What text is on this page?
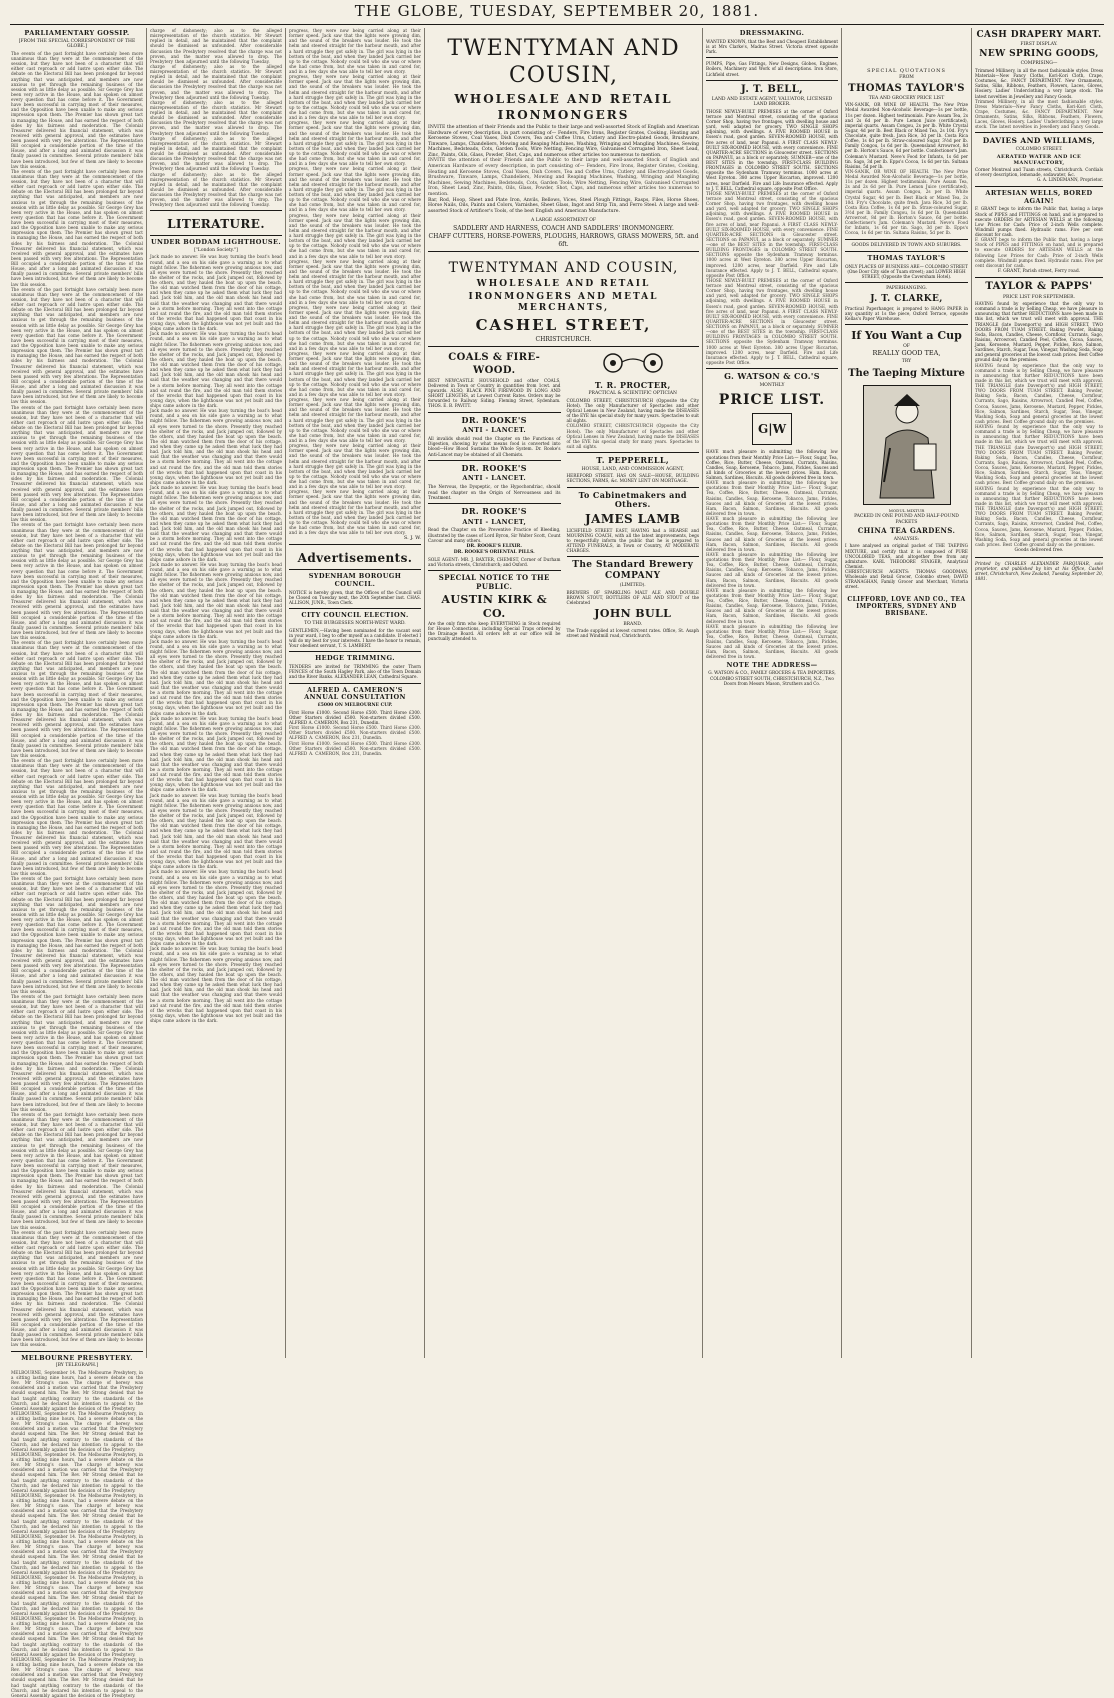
THE GLOBE, TUESDAY, SEPTEMBER 20, 1881.
PARLIAMENTARY GOSSIP.
[FROM THE SPECIAL CORRESPONDENT OF THE GLOBE.]

The events of the past fortnight have certainly been more unanimous than they were at the commencement of the session, but they have not been of a character that will either cast reproach or add lustre upon either side. The debate on the Electoral Bill has been prolonged far beyond anything that was anticipated, and members are now anxious to get through the remaining business of the session with as little delay as possible. Sir George Grey has been very active in the House, and has spoken on almost every question that has come before it. The Government have been successful in carrying most of their measures, and the Opposition have been unable to make any serious impression upon them. The Premier has shown great tact in managing the House, and has earned the respect of both sides by his fairness and moderation. The Colonial Treasurer delivered his financial statement, which was received with general approval, and the estimates have been passed with very few alterations. The Representation Bill occupied a considerable portion of the time of the House, and after a long and animated discussion it was finally passed in committee. Several private members' bills have been introduced, but few of them are likely to become law this session.

The events of the past fortnight have certainly been more unanimous than they were at the commencement of the session, but they have not been of a character that will either cast reproach or add lustre upon either side. The debate on the Electoral Bill has been prolonged far beyond anything that was anticipated, and members are now anxious to get through the remaining business of the session with as little delay as possible. Sir George Grey has been very active in the House, and has spoken on almost every question that has come before it. The Government have been successful in carrying most of their measures, and the Opposition have been unable to make any serious impression upon them. The Premier has shown great tact in managing the House, and has earned the respect of both sides by his fairness and moderation. The Colonial Treasurer delivered his financial statement, which was received with general approval, and the estimates have been passed with very few alterations. The Representation Bill occupied a considerable portion of the time of the House, and after a long and animated discussion it was finally passed in committee. Several private members' bills have been introduced, but few of them are likely to become law this session.

The events of the past fortnight have certainly been more unanimous than they were at the commencement of the session, but they have not been of a character that will either cast reproach or add lustre upon either side. The debate on the Electoral Bill has been prolonged far beyond anything that was anticipated, and members are now anxious to get through the remaining business of the session with as little delay as possible. Sir George Grey has been very active in the House, and has spoken on almost every question that has come before it. The Government have been successful in carrying most of their measures, and the Opposition have been unable to make any serious impression upon them. The Premier has shown great tact in managing the House, and has earned the respect of both sides by his fairness and moderation. The Colonial Treasurer delivered his financial statement, which was received with general approval, and the estimates have been passed with very few alterations. The Representation Bill occupied a considerable portion of the time of the House, and after a long and animated discussion it was finally passed in committee. Several private members' bills have been introduced, but few of them are likely to become law this session.

The events of the past fortnight have certainly been more unanimous than they were at the commencement of the session, but they have not been of a character that will either cast reproach or add lustre upon either side. The debate on the Electoral Bill has been prolonged far beyond anything that was anticipated, and members are now anxious to get through the remaining business of the session with as little delay as possible. Sir George Grey has been very active in the House, and has spoken on almost every question that has come before it. The Government have been successful in carrying most of their measures, and the Opposition have been unable to make any serious impression upon them. The Premier has shown great tact in managing the House, and has earned the respect of both sides by his fairness and moderation. The Colonial Treasurer delivered his financial statement, which was received with general approval, and the estimates have been passed with very few alterations. The Representation Bill occupied a considerable portion of the time of the House, and after a long and animated discussion it was finally passed in committee. Several private members' bills have been introduced, but few of them are likely to become law this session.

The events of the past fortnight have certainly been more unanimous than they were at the commencement of the session, but they have not been of a character that will either cast reproach or add lustre upon either side. The debate on the Electoral Bill has been prolonged far beyond anything that was anticipated, and members are now anxious to get through the remaining business of the session with as little delay as possible. Sir George Grey has been very active in the House, and has spoken on almost every question that has come before it. The Government have been successful in carrying most of their measures, and the Opposition have been unable to make any serious impression upon them. The Premier has shown great tact in managing the House, and has earned the respect of both sides by his fairness and moderation. The Colonial Treasurer delivered his financial statement, which was received with general approval, and the estimates have been passed with very few alterations. The Representation Bill occupied a considerable portion of the time of the House, and after a long and animated discussion it was finally passed in committee. Several private members' bills have been introduced, but few of them are likely to become law this session.

The events of the past fortnight have certainly been more unanimous than they were at the commencement of the session, but they have not been of a character that will either cast reproach or add lustre upon either side. The debate on the Electoral Bill has been prolonged far beyond anything that was anticipated, and members are now anxious to get through the remaining business of the session with as little delay as possible. Sir George Grey has been very active in the House, and has spoken on almost every question that has come before it. The Government have been successful in carrying most of their measures, and the Opposition have been unable to make any serious impression upon them. The Premier has shown great tact in managing the House, and has earned the respect of both sides by his fairness and moderation. The Colonial Treasurer delivered his financial statement, which was received with general approval, and the estimates have been passed with very few alterations. The Representation Bill occupied a considerable portion of the time of the House, and after a long and animated discussion it was finally passed in committee. Several private members' bills have been introduced, but few of them are likely to become law this session.

The events of the past fortnight have certainly been more unanimous than they were at the commencement of the session, but they have not been of a character that will either cast reproach or add lustre upon either side. The debate on the Electoral Bill has been prolonged far beyond anything that was anticipated, and members are now anxious to get through the remaining business of the session with as little delay as possible. Sir George Grey has been very active in the House, and has spoken on almost every question that has come before it. The Government have been successful in carrying most of their measures, and the Opposition have been unable to make any serious impression upon them. The Premier has shown great tact in managing the House, and has earned the respect of both sides by his fairness and moderation. The Colonial Treasurer delivered his financial statement, which was received with general approval, and the estimates have been passed with very few alterations. The Representation Bill occupied a considerable portion of the time of the House, and after a long and animated discussion it was finally passed in committee. Several private members' bills have been introduced, but few of them are likely to become law this session.

The events of the past fortnight have certainly been more unanimous than they were at the commencement of the session, but they have not been of a character that will either cast reproach or add lustre upon either side. The debate on the Electoral Bill has been prolonged far beyond anything that was anticipated, and members are now anxious to get through the remaining business of the session with as little delay as possible. Sir George Grey has been very active in the House, and has spoken on almost every question that has come before it. The Government have been successful in carrying most of their measures, and the Opposition have been unable to make any serious impression upon them. The Premier has shown great tact in managing the House, and has earned the respect of both sides by his fairness and moderation. The Colonial Treasurer delivered his financial statement, which was received with general approval, and the estimates have been passed with very few alterations. The Representation Bill occupied a considerable portion of the time of the House, and after a long and animated discussion it was finally passed in committee. Several private members' bills have been introduced, but few of them are likely to become law this session.

The events of the past fortnight have certainly been more unanimous than they were at the commencement of the session, but they have not been of a character that will either cast reproach or add lustre upon either side. The debate on the Electoral Bill has been prolonged far beyond anything that was anticipated, and members are now anxious to get through the remaining business of the session with as little delay as possible. Sir George Grey has been very active in the House, and has spoken on almost every question that has come before it. The Government have been successful in carrying most of their measures, and the Opposition have been unable to make any serious impression upon them. The Premier has shown great tact in managing the House, and has earned the respect of both sides by his fairness and moderation. The Colonial Treasurer delivered his financial statement, which was received with general approval, and the estimates have been passed with very few alterations. The Representation Bill occupied a considerable portion of the time of the House, and after a long and animated discussion it was finally passed in committee. Several private members' bills have been introduced, but few of them are likely to become law this session.

The events of the past fortnight have certainly been more unanimous than they were at the commencement of the session, but they have not been of a character that will either cast reproach or add lustre upon either side. The debate on the Electoral Bill has been prolonged far beyond anything that was anticipated, and members are now anxious to get through the remaining business of the session with as little delay as possible. Sir George Grey has been very active in the House, and has spoken on almost every question that has come before it. The Government have been successful in carrying most of their measures, and the Opposition have been unable to make any serious impression upon them. The Premier has shown great tact in managing the House, and has earned the respect of both sides by his fairness and moderation. The Colonial Treasurer delivered his financial statement, which was received with general approval, and the estimates have been passed with very few alterations. The Representation Bill occupied a considerable portion of the time of the House, and after a long and animated discussion it was finally passed in committee. Several private members' bills have been introduced, but few of them are likely to become law this session.

The events of the past fortnight have certainly been more unanimous than they were at the commencement of the session, but they have not been of a character that will either cast reproach or add lustre upon either side. The debate on the Electoral Bill has been prolonged far beyond anything that was anticipated, and members are now anxious to get through the remaining business of the session with as little delay as possible. Sir George Grey has been very active in the House, and has spoken on almost every question that has come before it. The Government have been successful in carrying most of their measures, and the Opposition have been unable to make any serious impression upon them. The Premier has shown great tact in managing the House, and has earned the respect of both sides by his fairness and moderation. The Colonial Treasurer delivered his financial statement, which was received with general approval, and the estimates have been passed with very few alterations. The Representation Bill occupied a considerable portion of the time of the House, and after a long and animated discussion it was finally passed in committee. Several private members' bills have been introduced, but few of them are likely to become law this session.

MELBOURNE PRESBYTERY.
[BY TELEGRAPH.]

MELBOURNE, September 14. The Melbourne Presbytery, in a sitting lasting nine hours, had a severe debate on the Rev. Mr Strong's case. The charge of heresy was considered and a motion was carried that the Presbytery should suspend him. The Rev. Mr Strong denied that he had taught anything contrary to the standards of the Church, and he declared his intention to appeal to the General Assembly against the decision of the Presbytery.

MELBOURNE, September 14. The Melbourne Presbytery, in a sitting lasting nine hours, had a severe debate on the Rev. Mr Strong's case. The charge of heresy was considered and a motion was carried that the Presbytery should suspend him. The Rev. Mr Strong denied that he had taught anything contrary to the standards of the Church, and he declared his intention to appeal to the General Assembly against the decision of the Presbytery.

MELBOURNE, September 14. The Melbourne Presbytery, in a sitting lasting nine hours, had a severe debate on the Rev. Mr Strong's case. The charge of heresy was considered and a motion was carried that the Presbytery should suspend him. The Rev. Mr Strong denied that he had taught anything contrary to the standards of the Church, and he declared his intention to appeal to the General Assembly against the decision of the Presbytery.

MELBOURNE, September 14. The Melbourne Presbytery, in a sitting lasting nine hours, had a severe debate on the Rev. Mr Strong's case. The charge of heresy was considered and a motion was carried that the Presbytery should suspend him. The Rev. Mr Strong denied that he had taught anything contrary to the standards of the Church, and he declared his intention to appeal to the General Assembly against the decision of the Presbytery.

MELBOURNE, September 14. The Melbourne Presbytery, in a sitting lasting nine hours, had a severe debate on the Rev. Mr Strong's case. The charge of heresy was considered and a motion was carried that the Presbytery should suspend him. The Rev. Mr Strong denied that he had taught anything contrary to the standards of the Church, and he declared his intention to appeal to the General Assembly against the decision of the Presbytery.

MELBOURNE, September 14. The Melbourne Presbytery, in a sitting lasting nine hours, had a severe debate on the Rev. Mr Strong's case. The charge of heresy was considered and a motion was carried that the Presbytery should suspend him. The Rev. Mr Strong denied that he had taught anything contrary to the standards of the Church, and he declared his intention to appeal to the General Assembly against the decision of the Presbytery.

MELBOURNE, September 14. The Melbourne Presbytery, in a sitting lasting nine hours, had a severe debate on the Rev. Mr Strong's case. The charge of heresy was considered and a motion was carried that the Presbytery should suspend him. The Rev. Mr Strong denied that he had taught anything contrary to the standards of the Church, and he declared his intention to appeal to the General Assembly against the decision of the Presbytery.

MELBOURNE, September 14. The Melbourne Presbytery, in a sitting lasting nine hours, had a severe debate on the Rev. Mr Strong's case. The charge of heresy was considered and a motion was carried that the Presbytery should suspend him. The Rev. Mr Strong denied that he had taught anything contrary to the standards of the Church, and he declared his intention to appeal to the General Assembly against the decision of the Presbytery.

charge of dishonesty; also as to the alleged misrepresentation of the church statistics. Mr Stewart replied in detail, and he maintained that the complaint should be dismissed as unfounded. After considerable discussion the Presbytery resolved that the charge was not proven, and the matter was allowed to drop. The Presbytery then adjourned until the following Tuesday.

charge of dishonesty; also as to the alleged misrepresentation of the church statistics. Mr Stewart replied in detail, and he maintained that the complaint should be dismissed as unfounded. After considerable discussion the Presbytery resolved that the charge was not proven, and the matter was allowed to drop. The Presbytery then adjourned until the following Tuesday.

charge of dishonesty; also as to the alleged misrepresentation of the church statistics. Mr Stewart replied in detail, and he maintained that the complaint should be dismissed as unfounded. After considerable discussion the Presbytery resolved that the charge was not proven, and the matter was allowed to drop. The Presbytery then adjourned until the following Tuesday.

charge of dishonesty; also as to the alleged misrepresentation of the church statistics. Mr Stewart replied in detail, and he maintained that the complaint should be dismissed as unfounded. After considerable discussion the Presbytery resolved that the charge was not proven, and the matter was allowed to drop. The Presbytery then adjourned until the following Tuesday.

charge of dishonesty; also as to the alleged misrepresentation of the church statistics. Mr Stewart replied in detail, and he maintained that the complaint should be dismissed as unfounded. After considerable discussion the Presbytery resolved that the charge was not proven, and the matter was allowed to drop. The Presbytery then adjourned until the following Tuesday.

LITERATURE.
UNDER BODDAM LIGHTHOUSE.
["London Society."]

Jack made no answer. He was busy turning the boat's head round, and a sea on his side gave a warning as to what might follow. The fishermen were growing anxious now, and all eyes were turned to the shore. Presently they reached the shelter of the rocks, and Jack jumped out, followed by the others, and they hauled the boat up upon the beach. The old man watched them from the door of his cottage, and when they came up he asked them what luck they had had. Jack told him, and the old man shook his head and said that the weather was changing and that there would be a storm before morning. They all went into the cottage and sat round the fire, and the old man told them stories of the wrecks that had happened upon that coast in his young days, when the lighthouse was not yet built and the ships came ashore in the dark.

Jack made no answer. He was busy turning the boat's head round, and a sea on his side gave a warning as to what might follow. The fishermen were growing anxious now, and all eyes were turned to the shore. Presently they reached the shelter of the rocks, and Jack jumped out, followed by the others, and they hauled the boat up upon the beach. The old man watched them from the door of his cottage, and when they came up he asked them what luck they had had. Jack told him, and the old man shook his head and said that the weather was changing and that there would be a storm before morning. They all went into the cottage and sat round the fire, and the old man told them stories of the wrecks that had happened upon that coast in his young days, when the lighthouse was not yet built and the ships came ashore in the dark.

Jack made no answer. He was busy turning the boat's head round, and a sea on his side gave a warning as to what might follow. The fishermen were growing anxious now, and all eyes were turned to the shore. Presently they reached the shelter of the rocks, and Jack jumped out, followed by the others, and they hauled the boat up upon the beach. The old man watched them from the door of his cottage, and when they came up he asked them what luck they had had. Jack told him, and the old man shook his head and said that the weather was changing and that there would be a storm before morning. They all went into the cottage and sat round the fire, and the old man told them stories of the wrecks that had happened upon that coast in his young days, when the lighthouse was not yet built and the ships came ashore in the dark.

Jack made no answer. He was busy turning the boat's head round, and a sea on his side gave a warning as to what might follow. The fishermen were growing anxious now, and all eyes were turned to the shore. Presently they reached the shelter of the rocks, and Jack jumped out, followed by the others, and they hauled the boat up upon the beach. The old man watched them from the door of his cottage, and when they came up he asked them what luck they had had. Jack told him, and the old man shook his head and said that the weather was changing and that there would be a storm before morning. They all went into the cottage and sat round the fire, and the old man told them stories of the wrecks that had happened upon that coast in his young days, when the lighthouse was not yet built and the ships came ashore in the dark.

Jack made no answer. He was busy turning the boat's head round, and a sea on his side gave a warning as to what might follow. The fishermen were growing anxious now, and all eyes were turned to the shore. Presently they reached the shelter of the rocks, and Jack jumped out, followed by the others, and they hauled the boat up upon the beach. The old man watched them from the door of his cottage, and when they came up he asked them what luck they had had. Jack told him, and the old man shook his head and said that the weather was changing and that there would be a storm before morning. They all went into the cottage and sat round the fire, and the old man told them stories of the wrecks that had happened upon that coast in his young days, when the lighthouse was not yet built and the ships came ashore in the dark.

Jack made no answer. He was busy turning the boat's head round, and a sea on his side gave a warning as to what might follow. The fishermen were growing anxious now, and all eyes were turned to the shore. Presently they reached the shelter of the rocks, and Jack jumped out, followed by the others, and they hauled the boat up upon the beach. The old man watched them from the door of his cottage, and when they came up he asked them what luck they had had. Jack told him, and the old man shook his head and said that the weather was changing and that there would be a storm before morning. They all went into the cottage and sat round the fire, and the old man told them stories of the wrecks that had happened upon that coast in his young days, when the lighthouse was not yet built and the ships came ashore in the dark.

Jack made no answer. He was busy turning the boat's head round, and a sea on his side gave a warning as to what might follow. The fishermen were growing anxious now, and all eyes were turned to the shore. Presently they reached the shelter of the rocks, and Jack jumped out, followed by the others, and they hauled the boat up upon the beach. The old man watched them from the door of his cottage, and when they came up he asked them what luck they had had. Jack told him, and the old man shook his head and said that the weather was changing and that there would be a storm before morning. They all went into the cottage and sat round the fire, and the old man told them stories of the wrecks that had happened upon that coast in his young days, when the lighthouse was not yet built and the ships came ashore in the dark.

Jack made no answer. He was busy turning the boat's head round, and a sea on his side gave a warning as to what might follow. The fishermen were growing anxious now, and all eyes were turned to the shore. Presently they reached the shelter of the rocks, and Jack jumped out, followed by the others, and they hauled the boat up upon the beach. The old man watched them from the door of his cottage, and when they came up he asked them what luck they had had. Jack told him, and the old man shook his head and said that the weather was changing and that there would be a storm before morning. They all went into the cottage and sat round the fire, and the old man told them stories of the wrecks that had happened upon that coast in his young days, when the lighthouse was not yet built and the ships came ashore in the dark.

Jack made no answer. He was busy turning the boat's head round, and a sea on his side gave a warning as to what might follow. The fishermen were growing anxious now, and all eyes were turned to the shore. Presently they reached the shelter of the rocks, and Jack jumped out, followed by the others, and they hauled the boat up upon the beach. The old man watched them from the door of his cottage, and when they came up he asked them what luck they had had. Jack told him, and the old man shook his head and said that the weather was changing and that there would be a storm before morning. They all went into the cottage and sat round the fire, and the old man told them stories of the wrecks that had happened upon that coast in his young days, when the lighthouse was not yet built and the ships came ashore in the dark.

Jack made no answer. He was busy turning the boat's head round, and a sea on his side gave a warning as to what might follow. The fishermen were growing anxious now, and all eyes were turned to the shore. Presently they reached the shelter of the rocks, and Jack jumped out, followed by the others, and they hauled the boat up upon the beach. The old man watched them from the door of his cottage, and when they came up he asked them what luck they had had. Jack told him, and the old man shook his head and said that the weather was changing and that there would be a storm before morning. They all went into the cottage and sat round the fire, and the old man told them stories of the wrecks that had happened upon that coast in his young days, when the lighthouse was not yet built and the ships came ashore in the dark.

progress, they were now being carried along at their former speed. Jack saw that the lights were growing dim, and the sound of the breakers was louder. He took the helm and steered straight for the harbour mouth, and after a hard struggle they got safely in. The girl was lying in the bottom of the boat, and when they landed Jack carried her up to the cottage. Nobody could tell who she was or where she had come from, but she was taken in and cared for, and in a few days she was able to tell her own story.

progress, they were now being carried along at their former speed. Jack saw that the lights were growing dim, and the sound of the breakers was louder. He took the helm and steered straight for the harbour mouth, and after a hard struggle they got safely in. The girl was lying in the bottom of the boat, and when they landed Jack carried her up to the cottage. Nobody could tell who she was or where she had come from, but she was taken in and cared for, and in a few days she was able to tell her own story.

progress, they were now being carried along at their former speed. Jack saw that the lights were growing dim, and the sound of the breakers was louder. He took the helm and steered straight for the harbour mouth, and after a hard struggle they got safely in. The girl was lying in the bottom of the boat, and when they landed Jack carried her up to the cottage. Nobody could tell who she was or where she had come from, but she was taken in and cared for, and in a few days she was able to tell her own story.

progress, they were now being carried along at their former speed. Jack saw that the lights were growing dim, and the sound of the breakers was louder. He took the helm and steered straight for the harbour mouth, and after a hard struggle they got safely in. The girl was lying in the bottom of the boat, and when they landed Jack carried her up to the cottage. Nobody could tell who she was or where she had come from, but she was taken in and cared for, and in a few days she was able to tell her own story.

progress, they were now being carried along at their former speed. Jack saw that the lights were growing dim, and the sound of the breakers was louder. He took the helm and steered straight for the harbour mouth, and after a hard struggle they got safely in. The girl was lying in the bottom of the boat, and when they landed Jack carried her up to the cottage. Nobody could tell who she was or where she had come from, but she was taken in and cared for, and in a few days she was able to tell her own story.

progress, they were now being carried along at their former speed. Jack saw that the lights were growing dim, and the sound of the breakers was louder. He took the helm and steered straight for the harbour mouth, and after a hard struggle they got safely in. The girl was lying in the bottom of the boat, and when they landed Jack carried her up to the cottage. Nobody could tell who she was or where she had come from, but she was taken in and cared for, and in a few days she was able to tell her own story.

progress, they were now being carried along at their former speed. Jack saw that the lights were growing dim, and the sound of the breakers was louder. He took the helm and steered straight for the harbour mouth, and after a hard struggle they got safely in. The girl was lying in the bottom of the boat, and when they landed Jack carried her up to the cottage. Nobody could tell who she was or where she had come from, but she was taken in and cared for, and in a few days she was able to tell her own story.

progress, they were now being carried along at their former speed. Jack saw that the lights were growing dim, and the sound of the breakers was louder. He took the helm and steered straight for the harbour mouth, and after a hard struggle they got safely in. The girl was lying in the bottom of the boat, and when they landed Jack carried her up to the cottage. Nobody could tell who she was or where she had come from, but she was taken in and cared for, and in a few days she was able to tell her own story.

progress, they were now being carried along at their former speed. Jack saw that the lights were growing dim, and the sound of the breakers was louder. He took the helm and steered straight for the harbour mouth, and after a hard struggle they got safely in. The girl was lying in the bottom of the boat, and when they landed Jack carried her up to the cottage. Nobody could tell who she was or where she had come from, but she was taken in and cared for, and in a few days she was able to tell her own story.

progress, they were now being carried along at their former speed. Jack saw that the lights were growing dim, and the sound of the breakers was louder. He took the helm and steered straight for the harbour mouth, and after a hard struggle they got safely in. The girl was lying in the bottom of the boat, and when they landed Jack carried her up to the cottage. Nobody could tell who she was or where she had come from, but she was taken in and cared for, and in a few days she was able to tell her own story.

progress, they were now being carried along at their former speed. Jack saw that the lights were growing dim, and the sound of the breakers was louder. He took the helm and steered straight for the harbour mouth, and after a hard struggle they got safely in. The girl was lying in the bottom of the boat, and when they landed Jack carried her up to the cottage. Nobody could tell who she was or where she had come from, but she was taken in and cared for, and in a few days she was able to tell her own story.

S. J. W.
Advertisements.
SYDENHAM BOROUGH COUNCIL.

NOTICE is hereby given, that the Offices of the Council will be Closed on Tuesday next, the 20th September inst. CHAS. ALLISON, JUNR., Town Clerk.

CITY COUNCIL ELECTION.
TO THE BURGESSES NORTH-WEST WARD.

GENTLEMEN,—Having been nominated for the vacant seat in your ward, I beg to offer myself as a candidate. If elected I will do my best for your interests. I have the honor to remain, Your obedient servant, T. S. LAMBERT.

HEDGE TRIMMING.

TENDERS are invited for TRIMMING the outer Thorn FENCES of the South Hagley Park, also of the Town Domain and the River Banks. ALEXANDER LEAN, Cathedral Square.

ALFRED A. CAMERON'S ANNUAL CONSULTATION
£5000 ON MELBOURNE CUP.

First Horse £1000. Second Horse £500. Third Horse £300. Other Starters divided £500. Non-starters divided £500. ALFRED A. CAMERON, Box 231, Dunedin.

First Horse £1000. Second Horse £500. Third Horse £300. Other Starters divided £500. Non-starters divided £500. ALFRED A. CAMERON, Box 231, Dunedin.

First Horse £1000. Second Horse £500. Third Horse £300. Other Starters divided £500. Non-starters divided £500. ALFRED A. CAMERON, Box 231, Dunedin.

TWENTYMAN AND COUSIN,
WHOLESALE AND RETAIL
IRONMONGERS

INVITE the attention of their Friends and the Public to their large and well-assorted Stock of English and American Hardware of every description, in part consisting of— Fenders, Fire Irons, Register Grates, Cooking, Heating and Kerosene Stoves, Coal Vases, Dish Covers, Tea and Coffee Urns, Cutlery and Electro-plated Goods, Brushware, Tinware, Lamps, Chandeliers, Mowing and Reaping Machines, Washing, Wringing and Mangling Machines, Sewing Machines, Bedsteads, Cots, Garden Tools, Wire Netting, Fencing Wire, Galvanised Corrugated Iron, Sheet Lead, Zinc, Paints, Oils, Glass, Powder, Shot, Caps, and numerous other articles too numerous to mention.

INVITE the attention of their Friends and the Public to their large and well-assorted Stock of English and American Hardware of every description, in part consisting of— Fenders, Fire Irons, Register Grates, Cooking, Heating and Kerosene Stoves, Coal Vases, Dish Covers, Tea and Coffee Urns, Cutlery and Electro-plated Goods, Brushware, Tinware, Lamps, Chandeliers, Mowing and Reaping Machines, Washing, Wringing and Mangling Machines, Sewing Machines, Bedsteads, Cots, Garden Tools, Wire Netting, Fencing Wire, Galvanised Corrugated Iron, Sheet Lead, Zinc, Paints, Oils, Glass, Powder, Shot, Caps, and numerous other articles too numerous to mention.

Bar, Rod, Hoop, Sheet and Plate Iron, Anvils, Bellows, Vices, Steel Plough Fittings, Rasps, Files, Horse Shoes, Horse Nails, Oils, Paints and Colors, Varnishes, Sheet Glass, Ingot and Strip Tin, and Ferro Steel. A large and well-assorted Stock of Artificer's Tools, of the best English and American Manufacture.

A LARGE ASSORTMENT OF
SADDLERY AND HARNESS, COACH AND SADDLERS' IRONMONGERY.
CHAFF CUTTERS, HORSE-POWERS, PLOUGHS, HARROWS, GRASS MOWERS, 5ft. and 6ft.
TWENTYMAN AND COUSIN,
WHOLESALE AND RETAIL
IRONMONGERS AND METAL MERCHANTS,
CASHEL STREET,
CHRISTCHURCH.
COALS & FIRE-WOOD.

BEST NEWCASTLE HOUSEHOLD and other COALS, Delivered in Town or Country in quantities from 1cwt. and upwards. ALSO, BLACK PINE FIREWOOD IN LONG AND SHORT LENGTHS, at Lowest Current Rates. Orders may be forwarded to Railway Siding. Fleming Street, Sydenham. THOS. E. B. PAVITT.

DR. ROOKE'S
ANTI - LANCET.

All invalids should read the Chapter on the Functions of Digestion, showing by what means food is converted into blood—How Blood Sustains the Whole System. Dr. Rooke's Anti-Lancet may be obtained of all Chemists.

DR. ROOKE'S
ANTI - LANCET.

The Nervous, the Dyspeptic, or the Hypochondriac, should read the chapter on the Origin of Nervousness and its Treatment.

DR. ROOKE'S
ANTI - LANCET,

Read the Chapter on the Preventive Practice of Bleeding, illustrated by the cases of Lord Byron, Sir Walter Scott, Count Cavour and many others.

DR. ROOKE'S ELIXIR.
DR. ROOKE'S ORIENTAL PILLS.

SOLE AGENT: MR. J. BAXTER, CHEMIST, Corner of Durham and Victoria streets, Christchurch; and Oxford.

SPECIAL NOTICE TO THE PUBLIC.
AUSTIN KIRK & CO.

Are the only firm who keep EVERYTHING in Stock required for House Connections, including Special Traps ordered by the Drainage Board. All orders left at our office will be punctually attended to.

T. R. PROCTER,
PRACTICAL & SCIENTIFIC OPTICIAN

COLOMBO STREET, CHRISTCHURCH (Opposite the City Hotel). The only Manufacturer of Spectacles and other Optical Lenses in New Zealand, having made the DISEASES of the EYE his special study for many years. Spectacles to suit all sights.

COLOMBO STREET, CHRISTCHURCH (Opposite the City Hotel). The only Manufacturer of Spectacles and other Optical Lenses in New Zealand, having made the DISEASES of the EYE his special study for many years. Spectacles to suit all sights.

T. PEPPERELL,
HOUSE, LAND, AND COMMISSION AGENT,

HEREFORD STREET. HAS ON SALE—HOUSE, BUILDING SECTIONS, FARMS, &c. MONEY LENT ON MORTGAGE.

To Cabinetmakers and Others.
JAMES LAMB

LICHFIELD STREET EAST, HAVING had a HEARSE and MOURNING COACH, with all the latest improvements, begs to respectfully inform the public that he is prepared to ATTEND FUNERALS, in Town or Country, AT MODERATE CHARGES.

The Standard Brewery COMPANY
(LIMITED).

BREWERS OF SPARKLING MALT ALE AND DOUBLE BROWN STOUT, BOTTLERS OF ALE AND STOUT of the Celebrated

JOHN BULL
BRAND.

The Trade supplied at lowest current rates. Office, St. Asaph street and Windmill road, Christchurch.

DRESSMAKING.

WANTED KNOWN, that the Best and Cheapest Establishment is at Mrs Clarke's, Madras Street. Victoria street opposite Park.

PUMPS, Pipe, Gas Fittings, New Designs, Globes, Engines, Boilers, Machinery and Work of all descriptions. Iron Store, Lichfield street.

J. T. BELL,
LAND AND ESTATE AGENT, VALUATOR, LICENSED LAND BROKER.

THOSE NEWLY-BUILT PREMISES at the corner of Oxford terrace and Montreal street, consisting of the spacious Corner Shop, having two frontages, with dwelling house and yard, well adapted for grocery. TWO SINGLE SHOPS adjoining, with dwellings. A FIVE ROOMED HOUSE in Essex's road, good garden. SEVEN-ROOMED HOUSE, with five acres of land, near Papanui. A FIRST CLASS NEWLY-BUILT SIX-ROOMED HOUSE, with every convenience. FINE QUARTER-ACRE SECTIONS in Gloucester street. SECTIONS on PAPANUI, as a block or separately. SUMNER—one of the BEST SITES in the township. FIRST-CLASS BUILDING FRONTAGES in COLOMBO STREET SOUTH. SECTIONS opposite the Sydenham Tramway terminus. 1000 acres at West Eyreton. 380 acres Upper Riccarton, improved. 1200 acres, near Darfield. Fire and Life Insurance effected. Apply to J. T. BELL, Cathedral square, opposite Post Office.

THOSE NEWLY-BUILT PREMISES at the corner of Oxford terrace and Montreal street, consisting of the spacious Corner Shop, having two frontages, with dwelling house and yard, well adapted for grocery. TWO SINGLE SHOPS adjoining, with dwellings. A FIVE ROOMED HOUSE in Essex's road, good garden. SEVEN-ROOMED HOUSE, with five acres of land, near Papanui. A FIRST CLASS NEWLY-BUILT SIX-ROOMED HOUSE, with every convenience. FINE QUARTER-ACRE SECTIONS in Gloucester street. SECTIONS on PAPANUI, as a block or separately. SUMNER—one of the BEST SITES in the township. FIRST-CLASS BUILDING FRONTAGES in COLOMBO STREET SOUTH. SECTIONS opposite the Sydenham Tramway terminus. 1000 acres at West Eyreton. 380 acres Upper Riccarton, improved. 1200 acres, near Darfield. Fire and Life Insurance effected. Apply to J. T. BELL, Cathedral square, opposite Post Office.

THOSE NEWLY-BUILT PREMISES at the corner of Oxford terrace and Montreal street, consisting of the spacious Corner Shop, having two frontages, with dwelling house and yard, well adapted for grocery. TWO SINGLE SHOPS adjoining, with dwellings. A FIVE ROOMED HOUSE in Essex's road, good garden. SEVEN-ROOMED HOUSE, with five acres of land, near Papanui. A FIRST CLASS NEWLY-BUILT SIX-ROOMED HOUSE, with every convenience. FINE QUARTER-ACRE SECTIONS in Gloucester street. SECTIONS on PAPANUI, as a block or separately. SUMNER—one of the BEST SITES in the township. FIRST-CLASS BUILDING FRONTAGES in COLOMBO STREET SOUTH. SECTIONS opposite the Sydenham Tramway terminus. 1000 acres at West Eyreton. 380 acres Upper Riccarton, improved. 1200 acres, near Darfield. Fire and Life Insurance effected. Apply to J. T. BELL, Cathedral square, opposite Post Office.

G. WATSON & CO.'S
MONTHLY
PRICE LIST.
G|W

HAVE much pleasure in submitting the following low quotations from their Monthly Price List:— Flour, Sugar, Tea, Coffee, Rice, Butter, Cheese, Oatmeal, Currants, Raisins, Candles, Soap, Kerosene, Tobacco, Jams, Pickles, Sauces and all kinds of Groceries at the lowest prices. Ham, Bacon, Salmon, Sardines, Biscuits. All goods delivered free in town.

HAVE much pleasure in submitting the following low quotations from their Monthly Price List:— Flour, Sugar, Tea, Coffee, Rice, Butter, Cheese, Oatmeal, Currants, Raisins, Candles, Soap, Kerosene, Tobacco, Jams, Pickles, Sauces and all kinds of Groceries at the lowest prices. Ham, Bacon, Salmon, Sardines, Biscuits. All goods delivered free in town.

HAVE much pleasure in submitting the following low quotations from their Monthly Price List:— Flour, Sugar, Tea, Coffee, Rice, Butter, Cheese, Oatmeal, Currants, Raisins, Candles, Soap, Kerosene, Tobacco, Jams, Pickles, Sauces and all kinds of Groceries at the lowest prices. Ham, Bacon, Salmon, Sardines, Biscuits. All goods delivered free in town.

HAVE much pleasure in submitting the following low quotations from their Monthly Price List:— Flour, Sugar, Tea, Coffee, Rice, Butter, Cheese, Oatmeal, Currants, Raisins, Candles, Soap, Kerosene, Tobacco, Jams, Pickles, Sauces and all kinds of Groceries at the lowest prices. Ham, Bacon, Salmon, Sardines, Biscuits. All goods delivered free in town.

HAVE much pleasure in submitting the following low quotations from their Monthly Price List:— Flour, Sugar, Tea, Coffee, Rice, Butter, Cheese, Oatmeal, Currants, Raisins, Candles, Soap, Kerosene, Tobacco, Jams, Pickles, Sauces and all kinds of Groceries at the lowest prices. Ham, Bacon, Salmon, Sardines, Biscuits. All goods delivered free in town.

HAVE much pleasure in submitting the following low quotations from their Monthly Price List:— Flour, Sugar, Tea, Coffee, Rice, Butter, Cheese, Oatmeal, Currants, Raisins, Candles, Soap, Kerosene, Tobacco, Jams, Pickles, Sauces and all kinds of Groceries at the lowest prices. Ham, Bacon, Salmon, Sardines, Biscuits. All goods delivered free in town.

NOTE THE ADDRESS—

G. WATSON & CO., FAMILY GROCERS & TEA IMPORTERS, COLOMBO STREET SOUTH, CHRISTCHURCH, N.Z., Two Doors from Messrs Mason, Struthers and Co.

SPECIAL QUOTATIONS
FROM
THOMAS TAYLOR'S
TEA AND GROCERY PRICE LIST

VIN-SANIK, OR WINE OF HEALTH. The New Prize Medal Awarded Non-Alcoholic Beverage—1s per bottle, 11s per dozen. Highest testimonials. Pure Assam Tea, 2s and 2s 6d per lb. Pure Lemon Juice (certificated), imperial quarts. Assam Congou, 2s per lb. White Crystal Sugar, 4d per lb. Best Black or Mixed Tea, 2s 10d. Fry's Chocolate, quite fresh. Java Rice, 3d per lb. Costa Rica Coffee, 1s 6d per lb. Straw-coloured Sugar, 3½d per lb. Family Congou, 1s 6d per lb. Queensland Arrowroot, 8d per lb. Horton's Sauce, 6d per bottle. Confectioner's Jam. Coleman's Mustard. Neve's Food for Infants, 1s 6d per tin. Sago, 3d per lb. Epps's Cocoa, 1s 6d per tin. Sultana Raisins, 5d per lb.

VIN-SANIK, OR WINE OF HEALTH. The New Prize Medal Awarded Non-Alcoholic Beverage—1s per bottle, 11s per dozen. Highest testimonials. Pure Assam Tea, 2s and 2s 6d per lb. Pure Lemon Juice (certificated), imperial quarts. Assam Congou, 2s per lb. White Crystal Sugar, 4d per lb. Best Black or Mixed Tea, 2s 10d. Fry's Chocolate, quite fresh. Java Rice, 3d per lb. Costa Rica Coffee, 1s 6d per lb. Straw-coloured Sugar, 3½d per lb. Family Congou, 1s 6d per lb. Queensland Arrowroot, 8d per lb. Horton's Sauce, 6d per bottle. Confectioner's Jam. Coleman's Mustard. Neve's Food for Infants, 1s 6d per tin. Sago, 3d per lb. Epps's Cocoa, 1s 6d per tin. Sultana Raisins, 5d per lb.

GOODS DELIVERED IN TOWN AND SUBURBS.
THOMAS TAYLOR'S

ONLY PLACES OF BUSINESS ARE— COLOMBO STREET (One Door City side of Tuam street); and LOWER HIGH STREET, (Opposite the Caversham Hotel).

PAPERHANGING.
J. T. CLARKE,

Practical Paperhanger, is prepared to HANG PAPER in any quantity at 1s the piece, Oxford Terrace, opposite Kellas's Paper Warehouse.

If You Want a Cup
OF
REALLY GOOD TEA,
TRY
The Taeping Mixture
MODUL MIXTUR
PACKED IN ONE POUND AND HALF-POUND PACKETS
CHINA TEA GARDENS.
ANALYSIS:

I have analysed an original packet of THE TAEPING MIXTURE, and certify that it is composed of PURE UNCOLORED TEAS, and altogether free from any admixture. KARL THEODORE STAIGER, Analytical Chemist.

CHRISTCHURCH AGENTS: THOMAS GOODMAN, Wholesale and Retail Grocer, Colombo street; DAVID STRANAGHAN, Family Grocer and Merchant, Victoria street.

CLIFFORD, LOVE AND CO., TEA IMPORTERS, SYDNEY AND BRISBANE.
CASH DRAPERY MART.
FIRST DISPLAY.
NEW SPRING GOODS,
COMPRISING—

Trimmed Millinery, in all the most fashionable styles. Dress Materials—New Fancy Cloths, Kori-Kori Cloth, Crape, Costumes, &c. FANCY DEPARTMENT. New Ornaments, Satins, Silks, Ribbons, Feathers, Flowers, Laces, Gloves, Hosiery. Ladies' Underclothing a very large stock. The latest novelties in Jewellery and Fancy Goods.

Trimmed Millinery, in all the most fashionable styles. Dress Materials—New Fancy Cloths, Kori-Kori Cloth, Crape, Costumes, &c. FANCY DEPARTMENT. New Ornaments, Satins, Silks, Ribbons, Feathers, Flowers, Laces, Gloves, Hosiery. Ladies' Underclothing a very large stock. The latest novelties in Jewellery and Fancy Goods.

DAVIES AND WILLIAMS,
COLOMBO STREET.
AERATED WATER AND ICE MANUFACTORY,

Corner Montreal and Tuam streets, Christchurch. Cordials of every description, lemonade, sodawater, &c.

G. A. LINDEMANN, Proprietor.
ARTESIAN WELLS, BORED AGAIN!

F. GRANT begs to inform the Public that, having a large Stock of PIPES and FITTINGS on hand, and is prepared to execute ORDERS for ARTESIAN WELLS at the following Low Prices for Cash: Price of 2-inch Wells complete. Windmill pumps fixed. Hydraulic rams. Five per cent discount for cash.

F. GRANT begs to inform the Public that, having a large Stock of PIPES and FITTINGS on hand, and is prepared to execute ORDERS for ARTESIAN WELLS at the following Low Prices for Cash: Price of 2-inch Wells complete. Windmill pumps fixed. Hydraulic rams. Five per cent discount for cash.

F. GRANT, Parish street, Ferry road.
TAYLOR & PAPPS'
PRICE LIST FOR SEPTEMBER.

HAVING found by experience that the only way to command a trade is by Selling Cheap, we have pleasure in announcing that further REDUCTIONS have been made in this list, which we trust will meet with approval. THE TRIANGLE (late Davenport's) and HIGH STREET, TWO DOORS FROM TUAM STREET. Baking Powder, Baking Soda, Bacon, Candles, Cheese, Cornflour, Currants, Sago, Raisins, Arrowroot, Candied Peel, Coffee, Cocoa, Sauces, Jams, Kerosene, Mustard, Pepper, Pickles, Rice, Salmon, Sardines, Starch, Sugar, Teas, Vinegar, Washing Soda, Soap and general groceries at the lowest cash prices. Best Coffee ground daily on the premises.

HAVING found by experience that the only way to command a trade is by Selling Cheap, we have pleasure in announcing that further REDUCTIONS have been made in this list, which we trust will meet with approval. THE TRIANGLE (late Davenport's) and HIGH STREET, TWO DOORS FROM TUAM STREET. Baking Powder, Baking Soda, Bacon, Candles, Cheese, Cornflour, Currants, Sago, Raisins, Arrowroot, Candied Peel, Coffee, Cocoa, Sauces, Jams, Kerosene, Mustard, Pepper, Pickles, Rice, Salmon, Sardines, Starch, Sugar, Teas, Vinegar, Washing Soda, Soap and general groceries at the lowest cash prices. Best Coffee ground daily on the premises.

HAVING found by experience that the only way to command a trade is by Selling Cheap, we have pleasure in announcing that further REDUCTIONS have been made in this list, which we trust will meet with approval. THE TRIANGLE (late Davenport's) and HIGH STREET, TWO DOORS FROM TUAM STREET. Baking Powder, Baking Soda, Bacon, Candles, Cheese, Cornflour, Currants, Sago, Raisins, Arrowroot, Candied Peel, Coffee, Cocoa, Sauces, Jams, Kerosene, Mustard, Pepper, Pickles, Rice, Salmon, Sardines, Starch, Sugar, Teas, Vinegar, Washing Soda, Soap and general groceries at the lowest cash prices. Best Coffee ground daily on the premises.

HAVING found by experience that the only way to command a trade is by Selling Cheap, we have pleasure in announcing that further REDUCTIONS have been made in this list, which we trust will meet with approval. THE TRIANGLE (late Davenport's) and HIGH STREET, TWO DOORS FROM TUAM STREET. Baking Powder, Baking Soda, Bacon, Candles, Cheese, Cornflour, Currants, Sago, Raisins, Arrowroot, Candied Peel, Coffee, Cocoa, Sauces, Jams, Kerosene, Mustard, Pepper, Pickles, Rice, Salmon, Sardines, Starch, Sugar, Teas, Vinegar, Washing Soda, Soap and general groceries at the lowest cash prices. Best Coffee ground daily on the premises.

Goods delivered free.

Printed by CHARLES ALEXANDER FARQUHAR, sole proprietor, and published by him at his Office, Cashel street, Christchurch, New Zealand, Tuesday, September 20, 1881.
